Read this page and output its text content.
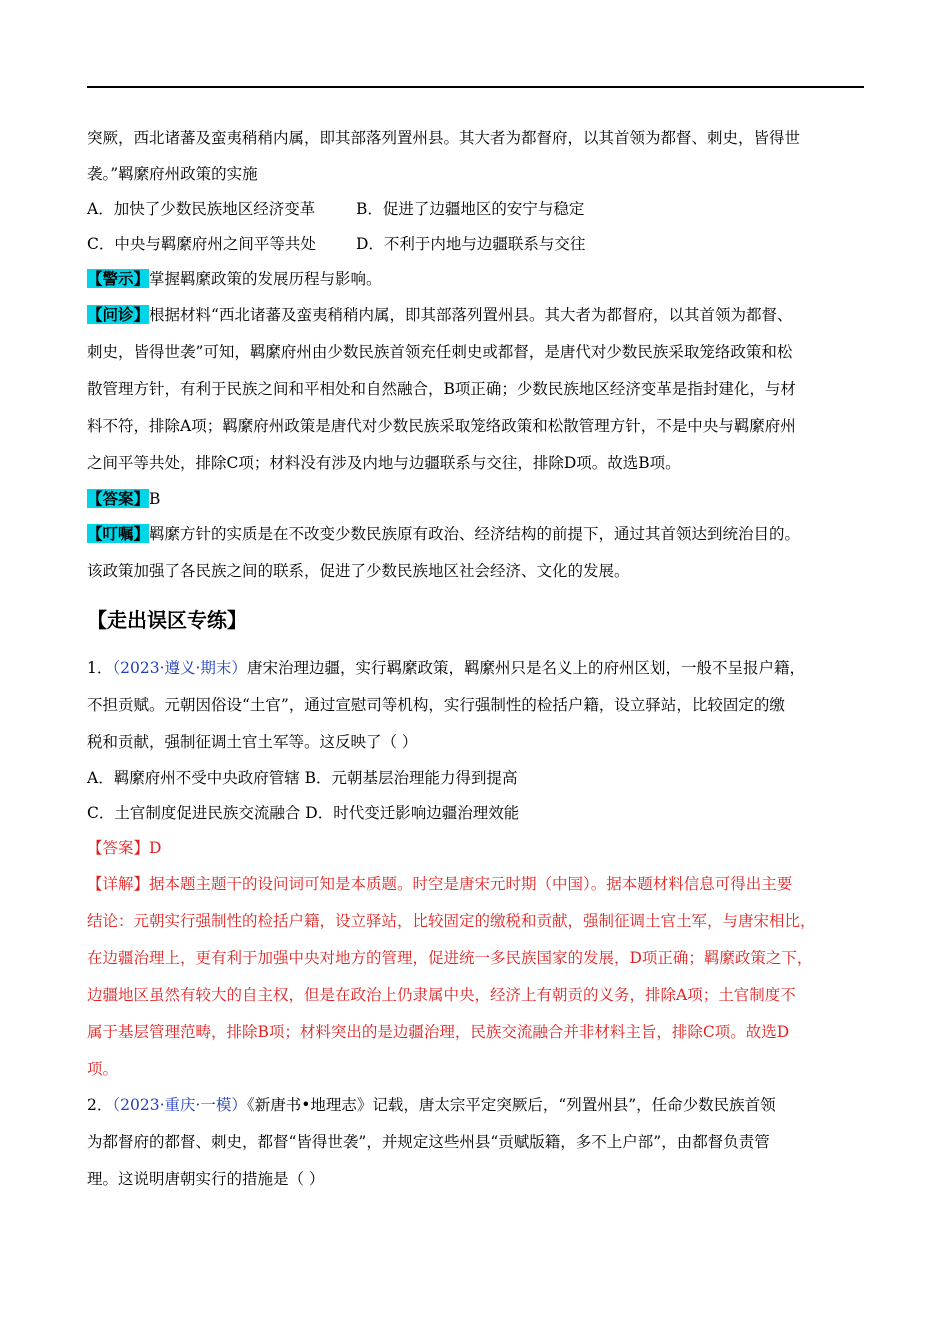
突厥，西北诸蕃及蛮夷稍稍内属，即其部落列置州县。其大者为都督府，以其首领为都督、刺史，皆得世
袭。”羁縻府州政策的实施
A．加快了少数民族地区经济变革	B．促进了边疆地区的安宁与稳定
C．中央与羁縻府州之间平等共处	D．不利于内地与边疆联系与交往
【警示】掌握羁縻政策的发展历程与影响。
【问诊】根据材料“西北诸蕃及蛮夷稍稍内属，即其部落列置州县。其大者为都督府，以其首领为都督、
刺史，皆得世袭”可知，羁縻府州由少数民族首领充任刺史或都督，是唐代对少数民族采取笼络政策和松
散管理方针，有利于民族之间和平相处和自然融合，B项正确；少数民族地区经济变革是指封建化，与材
料不符，排除A项；羁縻府州政策是唐代对少数民族采取笼络政策和松散管理方针，不是中央与羁縻府州
之间平等共处，排除C项；材料没有涉及内地与边疆联系与交往，排除D项。故选B项。
【答案】B
【叮嘱】羁縻方针的实质是在不改变少数民族原有政治、经济结构的前提下，通过其首领达到统治目的。
该政策加强了各民族之间的联系，促进了少数民族地区社会经济、文化的发展。
【走出误区专练】
1．（2023·遵义·期末）唐宋治理边疆，实行羁縻政策，羁縻州只是名义上的府州区划，一般不呈报户籍，
不担贡赋。元朝因俗设“土官”，通过宣慰司等机构，实行强制性的检括户籍，设立驿站，比较固定的缴
税和贡献，强制征调土官土军等。这反映了（ ）
A．羁縻府州不受中央政府管辖 B．元朝基层治理能力得到提高
C．土官制度促进民族交流融合 D．时代变迁影响边疆治理效能
【答案】D
【详解】据本题主题干的设问词可知是本质题。时空是唐宋元时期（中国）。据本题材料信息可得出主要
结论：元朝实行强制性的检括户籍，设立驿站，比较固定的缴税和贡献，强制征调土官土军，与唐宋相比，
在边疆治理上，更有利于加强中央对地方的管理，促进统一多民族国家的发展，D项正确；羁縻政策之下，
边疆地区虽然有较大的自主权，但是在政治上仍隶属中央，经济上有朝贡的义务，排除A项；土官制度不
属于基层管理范畴，排除B项；材料突出的是边疆治理，民族交流融合并非材料主旨，排除C项。故选D
项。
2．（2023·重庆·一模）《新唐书•地理志》记载，唐太宗平定突厥后，“列置州县”，任命少数民族首领
为都督府的都督、刺史，都督“皆得世袭”，并规定这些州县“贡赋版籍，多不上户部”，由都督负责管
理。这说明唐朝实行的措施是（ ）
